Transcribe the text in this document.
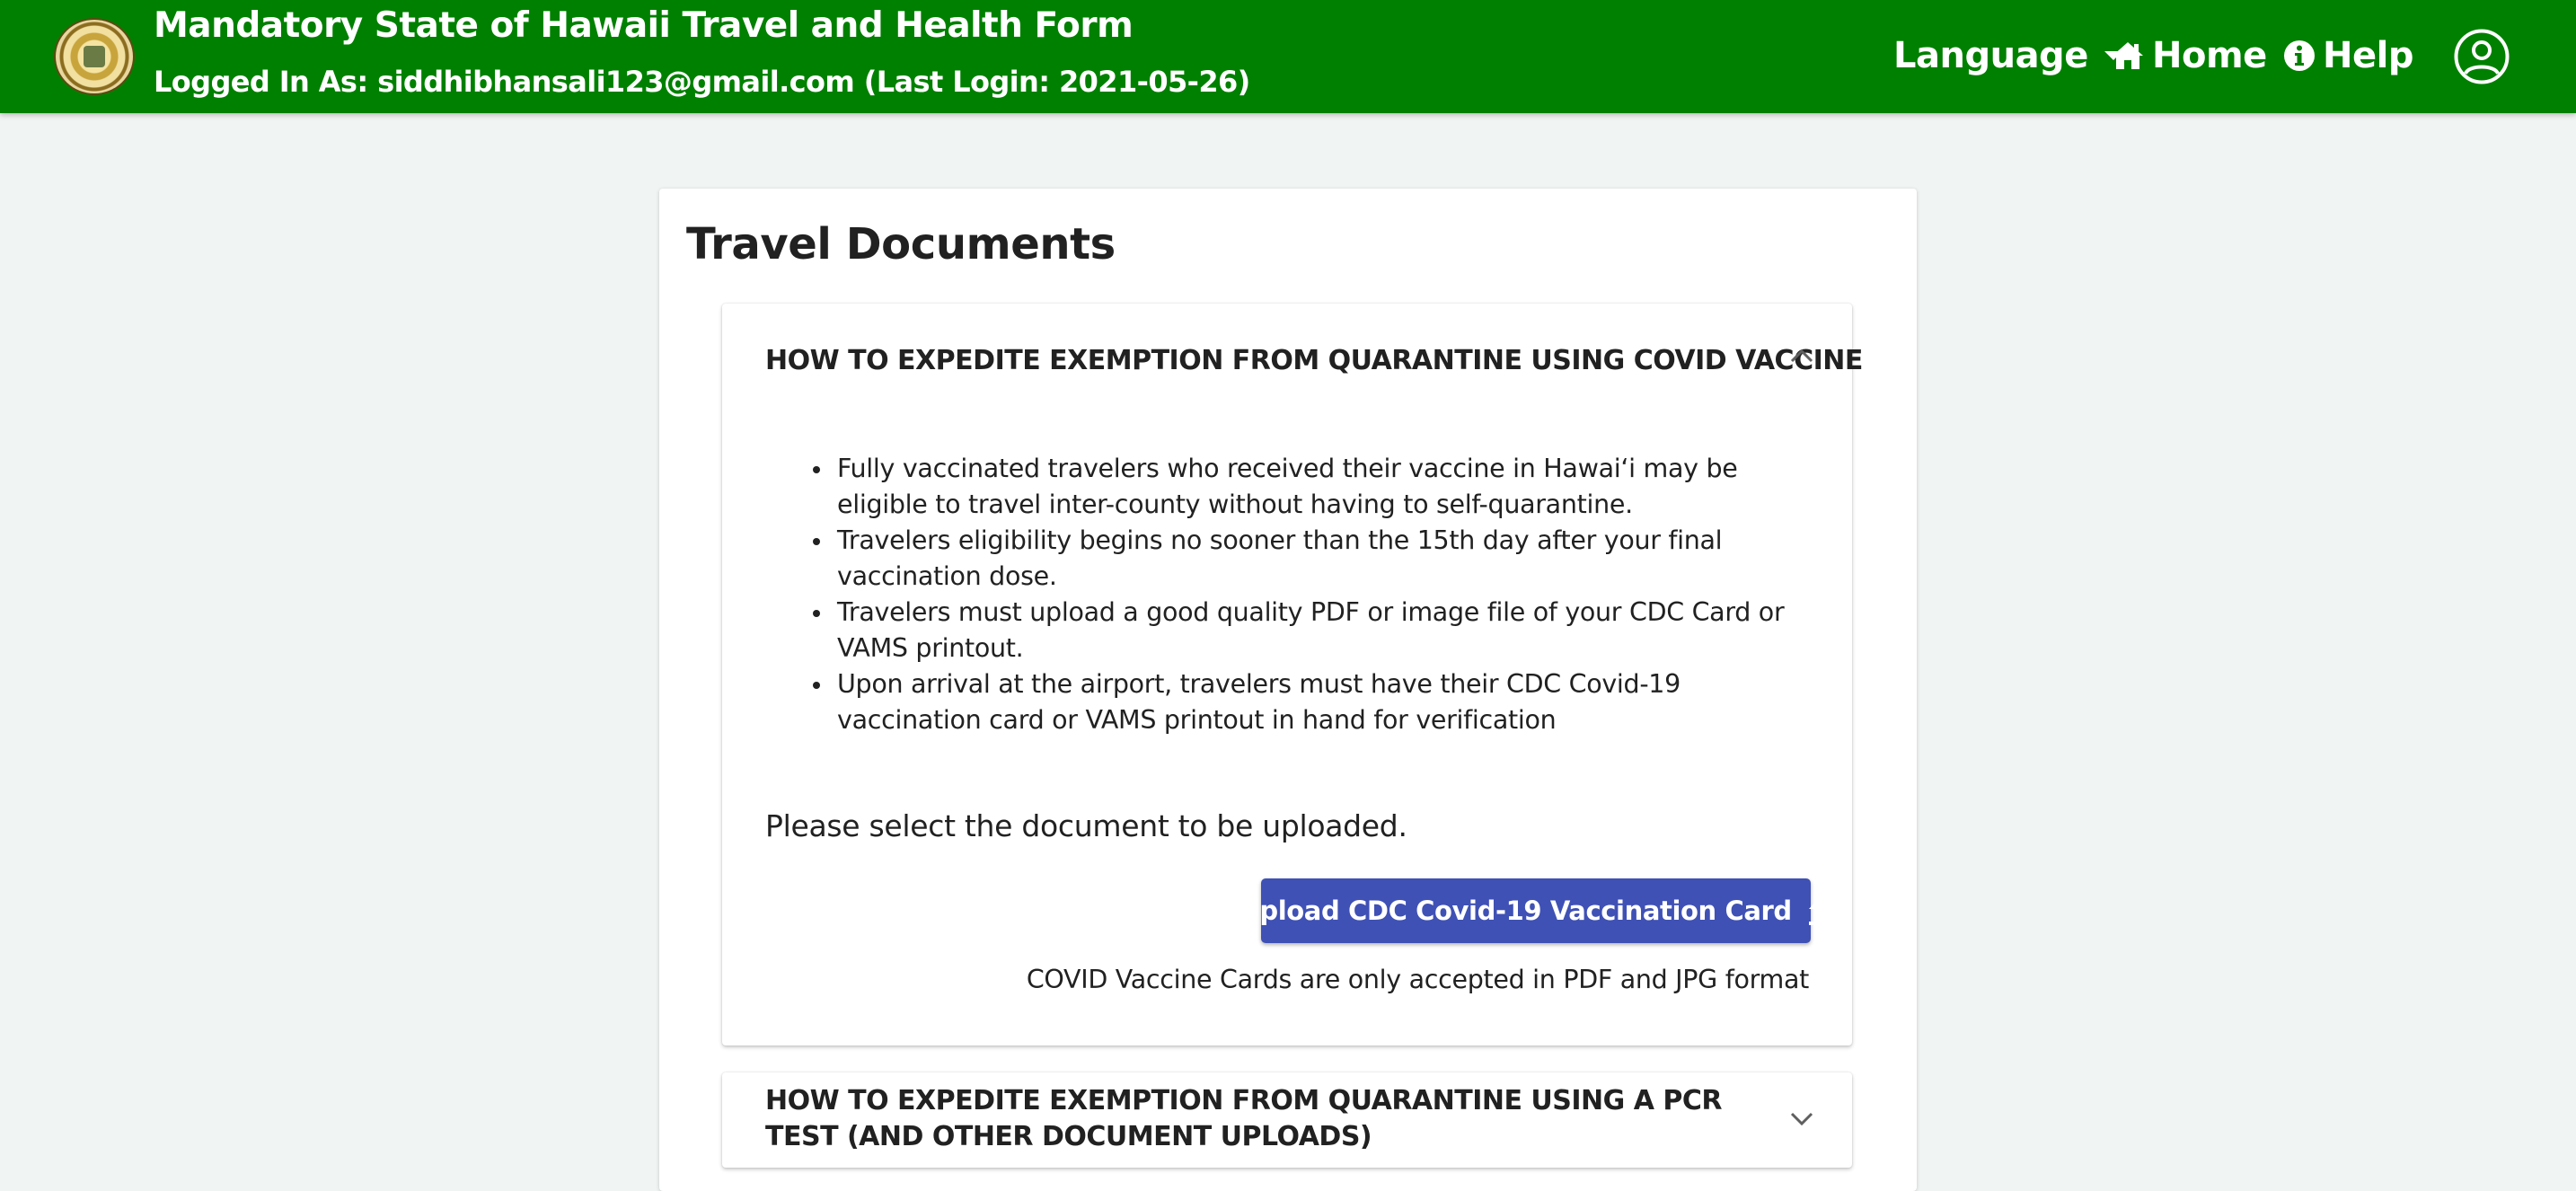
Mandatory State of Hawaii Travel and Health Form
Logged In As: siddhibhansali123@gmail.com (Last Login: 2021-05-26)
Language Home Help
Travel Documents
HOW TO EXPEDITE EXEMPTION FROM QUARANTINE USING COVID VACCINE
Fully vaccinated travelers who received their vaccine in Hawai‘i may be eligible to travel inter-county without having to self-quarantine.
Travelers eligibility begins no sooner than the 15th day after your final vaccination dose.
Travelers must upload a good quality PDF or image file of your CDC Card or VAMS printout.
Upon arrival at the airport, travelers must have their CDC Covid-19 vaccination card or VAMS printout in hand for verification
Please select the document to be uploaded.
Upload CDC Covid-19 Vaccination Card
COVID Vaccine Cards are only accepted in PDF and JPG format
HOW TO EXPEDITE EXEMPTION FROM QUARANTINE USING A PCR TEST (AND OTHER DOCUMENT UPLOADS)
